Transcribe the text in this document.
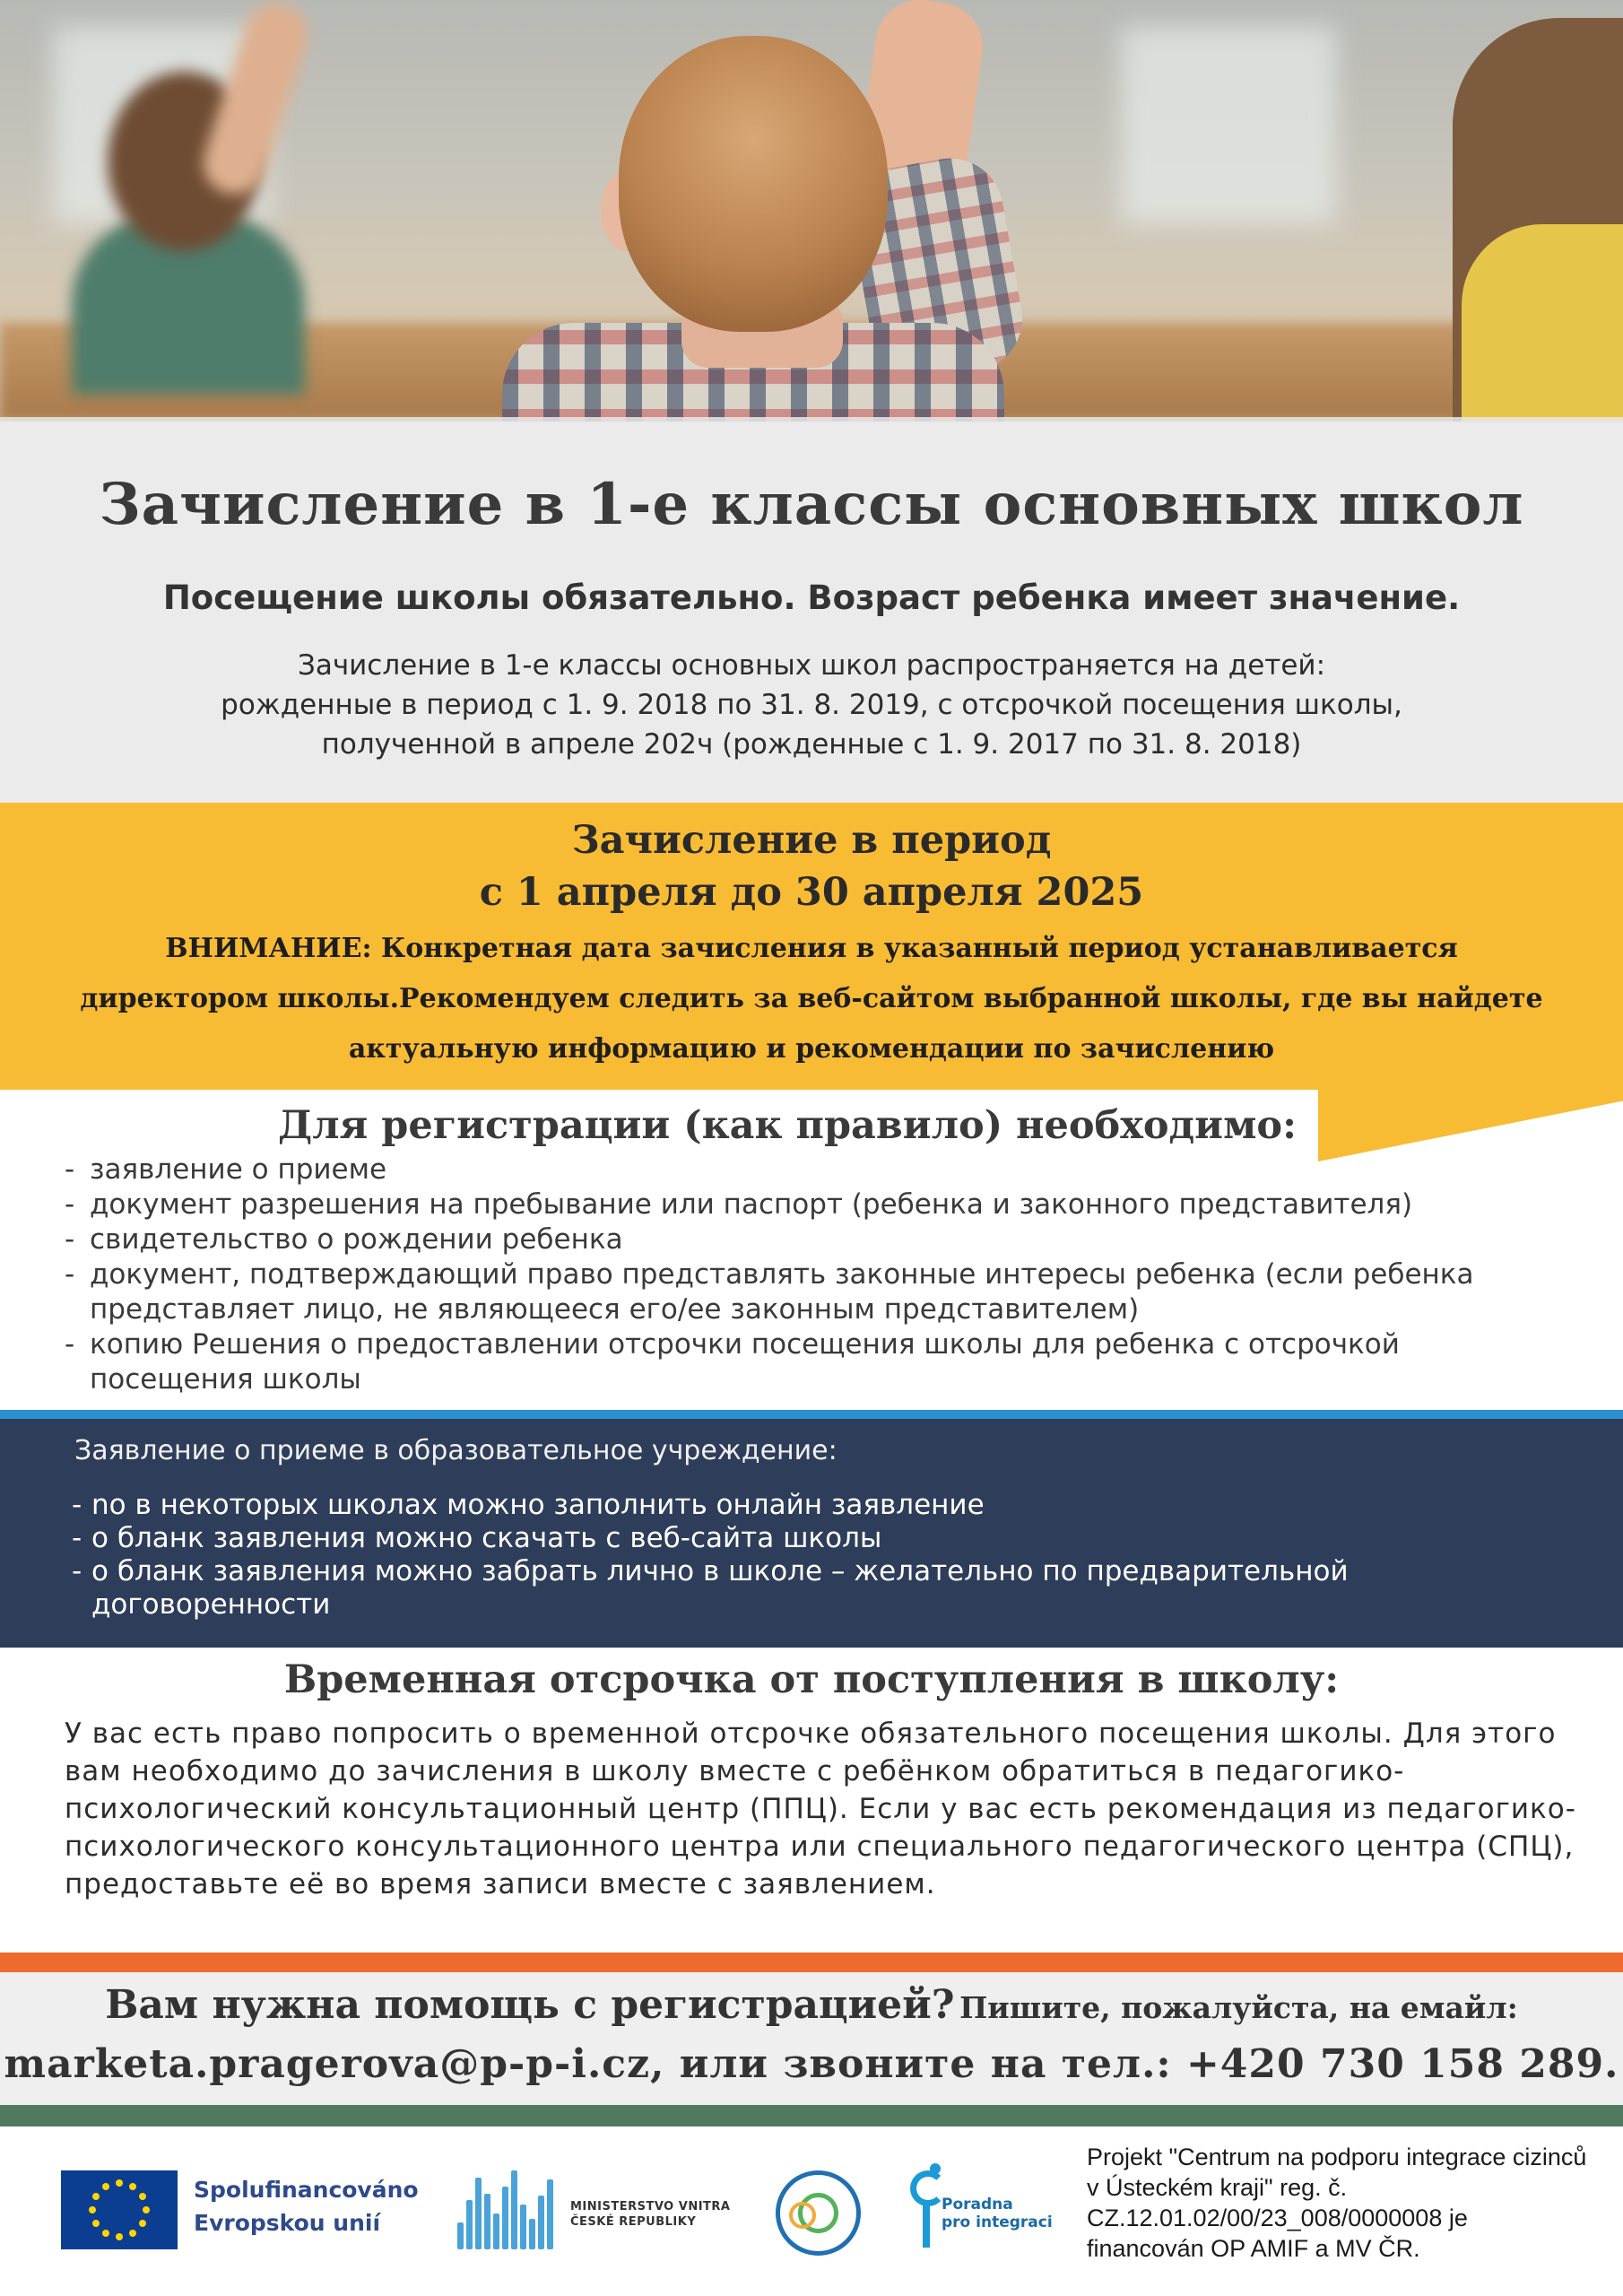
Зачисление в 1-е классы основных школ
Посещение школы обязательно. Возраст ребенка имеет значение.
Зачисление в 1-е классы основных школ распространяется на детей:
рожденные в период с 1. 9. 2018 по 31. 8. 2019, с отсрочкой посещения школы,
полученной в апреле 202ч (рожденные с 1. 9. 2017 по 31. 8. 2018)
Зачисление в период
с 1 апреля до 30 апреля 2025
ВНИМАНИЕ: Конкретная дата зачисления в указанный период устанавливается
директором школы.Рекомендуем следить за веб-сайтом выбранной школы, где вы найдете
актуальную информацию и рекомендации по зачислению
Для регистрации (как правило) необходимо:
- заявление о приеме
- документ разрешения на пребывание или паспорт (ребенка и законного представителя)
- свидетельство о рождении ребенка
- документ, подтверждающий право представлять законные интересы ребенка (если ребенка представляет лицо, не являющееся его/ее законным представителем)
- копию Решения о предоставлении отсрочки посещения школы для ребенка с отсрочкой посещения школы
Заявление о приеме в образовательное учреждение:
- no в некоторых школах можно заполнить онлайн заявление
- o бланк заявления можно скачать с веб-сайта школы
- o бланк заявления можно забрать лично в школе – желательно по предварительной договоренности
Временная отсрочка от поступления в школу:
У вас есть право попросить о временной отсрочке обязательного посещения школы. Для этого вам необходимо до зачисления в школу вместе с ребёнком обратиться в педагогико-психологический консультационный центр (ППЦ). Если у вас есть рекомендация из педагогико-психологического консультационного центра или специального педагогического центра (СПЦ), предоставьте её во время записи вместе с заявлением.
Вам нужна помощь с регистрацией? Пишите, пожалуйста, на емайл:
marketa.pragerova@p-p-i.cz, или звоните на тел.: +420 730 158 289.
Spolufinancováno
Evropskou unií
MINISTERSTVO VNITRA
ČESKÉ REPUBLIKY
Poradna
pro integraci
Projekt "Centrum na podporu integrace cizinců v Ústeckém kraji" reg. č. CZ.12.01.02/00/23_008/0000008 je financován OP AMIF a MV ČR.
